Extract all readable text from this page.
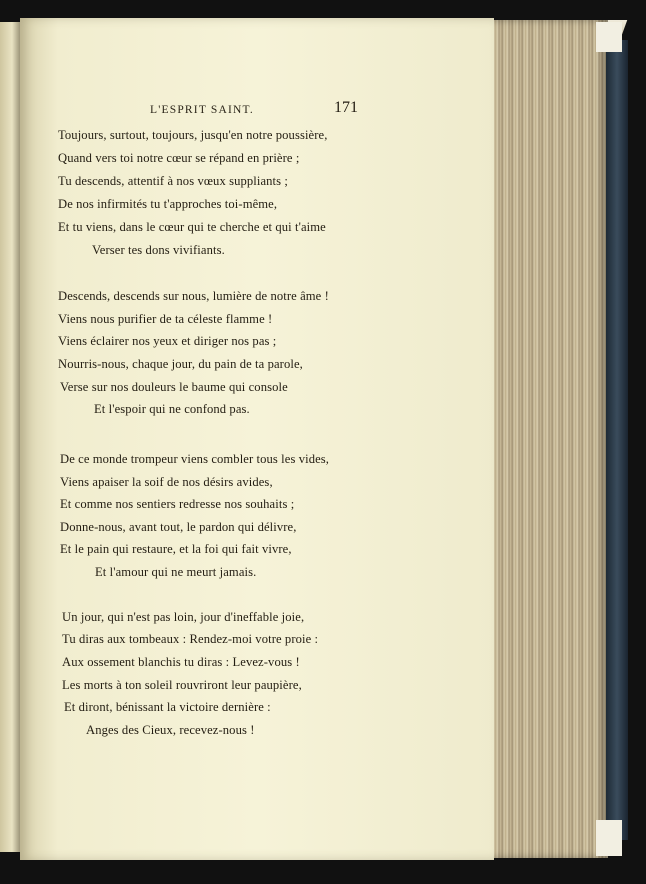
L'ESPRIT SAINT.	171
Toujours, surtout, toujours, jusqu'en notre poussière,
Quand vers toi notre cœur se répand en prière ;
Tu descends, attentif à nos vœux suppliants ;
De nos infirmités tu t'approches toi-même,
Et tu viens, dans le cœur qui te cherche et qui t'aime
Verser tes dons vivifiants.
Descends, descends sur nous, lumière de notre âme !
Viens nous purifier de ta céleste flamme !
Viens éclairer nos yeux et diriger nos pas ;
Nourris-nous, chaque jour, du pain de ta parole,
Verse sur nos douleurs le baume qui console
Et l'espoir qui ne confond pas.
De ce monde trompeur viens combler tous les vides,
Viens apaiser la soif de nos désirs avides,
Et comme nos sentiers redresse nos souhaits ;
Donne-nous, avant tout, le pardon qui délivre,
Et le pain qui restaure, et la foi qui fait vivre,
Et l'amour qui ne meurt jamais.
Un jour, qui n'est pas loin, jour d'ineffable joie,
Tu diras aux tombeaux : Rendez-moi votre proie :
Aux ossement blanchis tu diras : Levez-vous !
Les morts à ton soleil rouvriront leur paupière,
Et diront, bénissant la victoire dernière :
Anges des Cieux, recevez-nous !
